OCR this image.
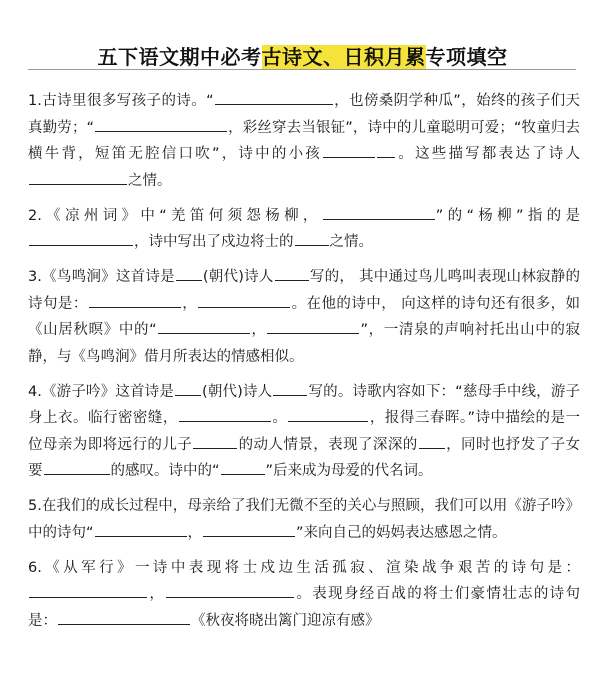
五下语文期中必考古诗文、日积月累专项填空

1.古诗里很多写孩子的诗。“	，也傍桑阴学种瓜”，始终的孩子们天真勤劳；“	，彩丝穿去当银钲”，诗中的儿童聪明可爱；“牧童归去横牛背，短笛无腔信口吹”，诗中的小孩	。这些描写都表达了诗人之情。

2.《凉州词》中“羌笛何须怨杨柳，	”的“杨柳”指的是，诗中写出了戍边将士的 之情。

3.《鸟鸣涧》这首诗是 (朝代)诗人 写的， 其中通过鸟儿鸣叫表现山林寂静的诗句是：	，	。在他的诗中， 向这样的诗句还有很多，如《山居秋暝》中的“	，	”，一清泉的声响衬托出山中的寂静，与《鸟鸣涧》借月所表达的情感相似。

4.《游子吟》这首诗是 (朝代)诗人 写的。诗歌内容如下：“慈母手中线，游子身上衣。临行密密缝，	。	，报得三春晖。”诗中描绘的是一位母亲为即将远行的儿子	的动人情景，表现了深深的 ，同时也抒发了子女要	的感叹。诗中的“	”后来成为母爱的代名词。

5.在我们的成长过程中，母亲给了我们无微不至的关心与照顾，我们可以用《游子吟》中的诗句“	，	”来向自己的妈妈表达感恩之情。

6.《从军行》一诗中表现将士戍边生活孤寂、渲染战争艰苦的诗句是：，	。表现身经百战的将士们豪情壮志的诗句是：	《秋夜将晓出篱门迎凉有感》
